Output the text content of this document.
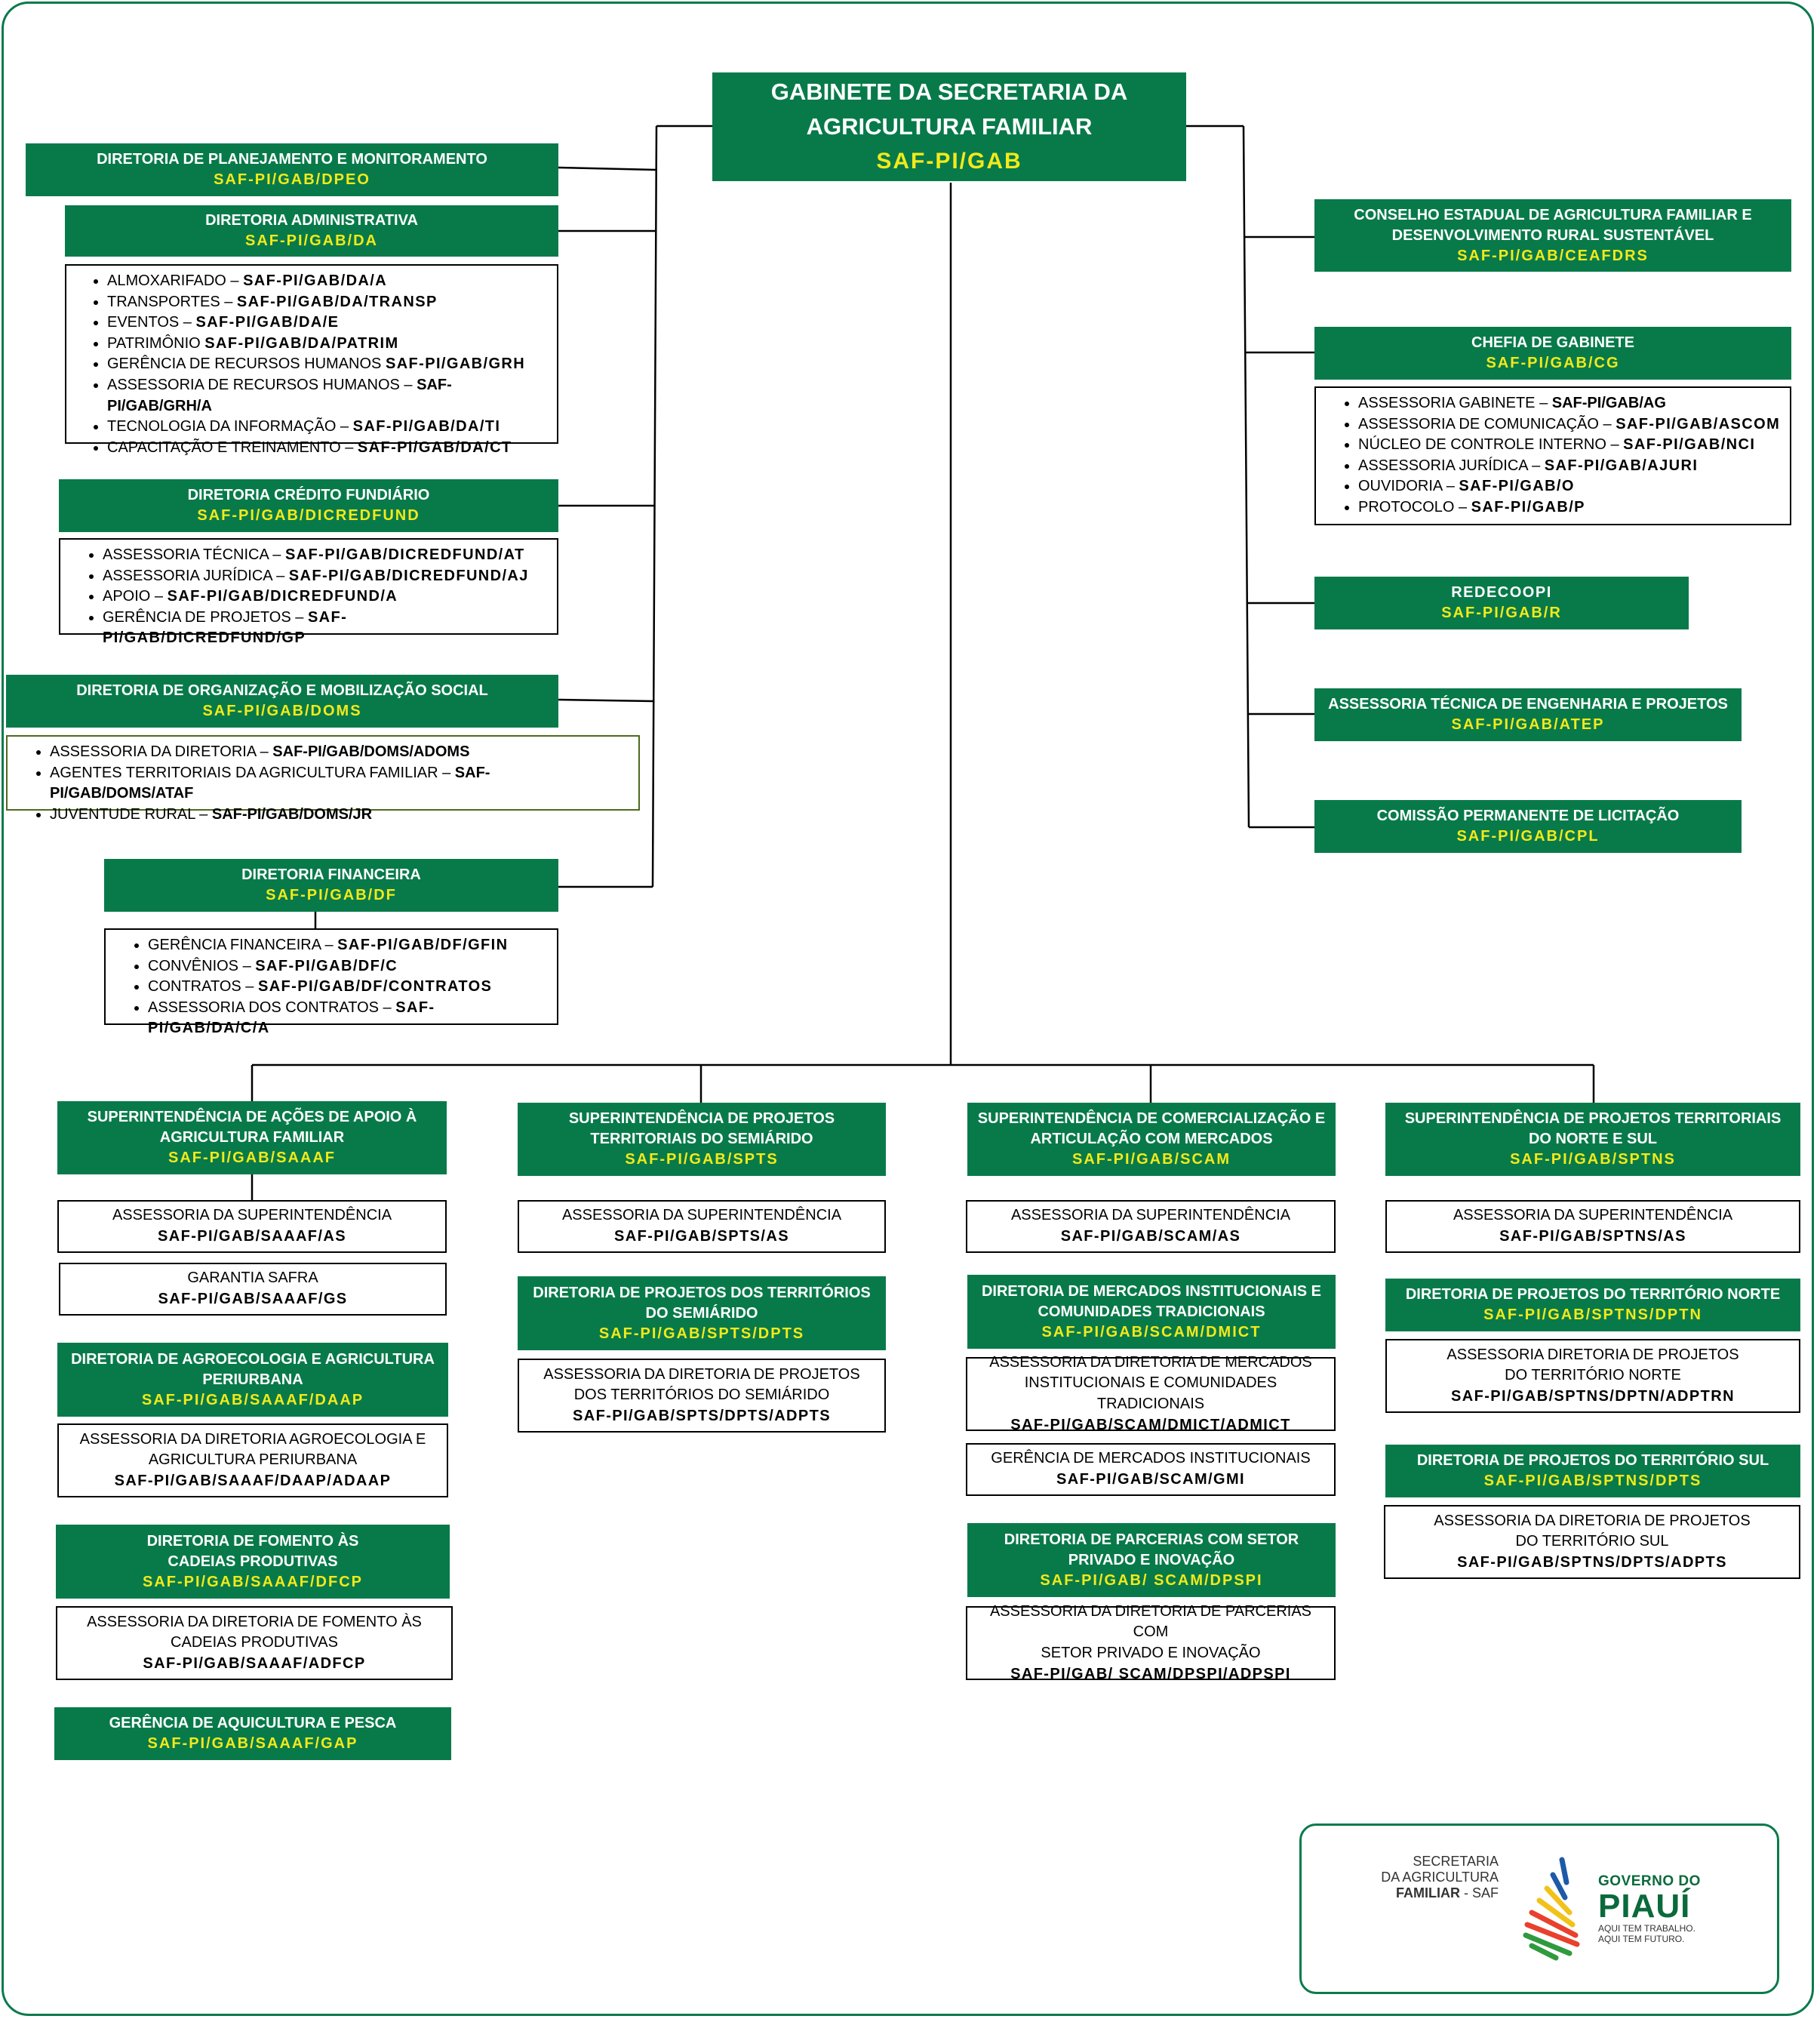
GABINETE DA SECRETARIA DA
AGRICULTURA FAMILIAR
SAF-PI/GAB
DIRETORIA DE PLANEJAMENTO E MONITORAMENTO
SAF-PI/GAB/DPEO
DIRETORIA ADMINISTRATIVA
SAF-PI/GAB/DA
• ALMOXARIFADO – SAF-PI/GAB/DA/A
• TRANSPORTES – SAF-PI/GAB/DA/TRANSP
• EVENTOS – SAF-PI/GAB/DA/E
• PATRIMÔNIO SAF-PI/GAB/DA/PATRIM
• GERÊNCIA DE RECURSOS HUMANOS SAF-PI/GAB/GRH
• ASSESSORIA DE RECURSOS HUMANOS – SAF-PI/GAB/GRH/A
• TECNOLOGIA DA INFORMAÇÃO – SAF-PI/GAB/DA/TI
• CAPACITAÇÃO E TREINAMENTO – SAF-PI/GAB/DA/CT
DIRETORIA CRÉDITO FUNDIÁRIO
SAF-PI/GAB/DICREDFUND
• ASSESSORIA TÉCNICA – SAF-PI/GAB/DICREDFUND/AT
• ASSESSORIA JURÍDICA – SAF-PI/GAB/DICREDFUND/AJ
• APOIO – SAF-PI/GAB/DICREDFUND/A
• GERÊNCIA DE PROJETOS – SAF-PI/GAB/DICREDFUND/GP
DIRETORIA DE ORGANIZAÇÃO E MOBILIZAÇÃO SOCIAL
SAF-PI/GAB/DOMS
• ASSESSORIA DA DIRETORIA – SAF-PI/GAB/DOMS/ADOMS
• AGENTES TERRITORIAIS DA AGRICULTURA FAMILIAR – SAF-PI/GAB/DOMS/ATAF
• JUVENTUDE RURAL – SAF-PI/GAB/DOMS/JR
DIRETORIA FINANCEIRA
SAF-PI/GAB/DF
• GERÊNCIA FINANCEIRA – SAF-PI/GAB/DF/GFIN
• CONVÊNIOS – SAF-PI/GAB/DF/C
• CONTRATOS – SAF-PI/GAB/DF/CONTRATOS
• ASSESSORIA DOS CONTRATOS – SAF-PI/GAB/DA/C/A
CONSELHO ESTADUAL DE AGRICULTURA FAMILIAR E
DESENVOLVIMENTO RURAL SUSTENTÁVEL
SAF-PI/GAB/CEAFDRS
CHEFIA DE GABINETE
SAF-PI/GAB/CG
• ASSESSORIA GABINETE – SAF-PI/GAB/AG
• ASSESSORIA DE COMUNICAÇÃO – SAF-PI/GAB/ASCOM
• NÚCLEO DE CONTROLE INTERNO – SAF-PI/GAB/NCI
• ASSESSORIA JURÍDICA – SAF-PI/GAB/AJURI
• OUVIDORIA – SAF-PI/GAB/O
• PROTOCOLO – SAF-PI/GAB/P
REDECOOPI
SAF-PI/GAB/R
ASSESSORIA TÉCNICA DE ENGENHARIA E PROJETOS
SAF-PI/GAB/ATEP
COMISSÃO PERMANENTE DE LICITAÇÃO
SAF-PI/GAB/CPL
SUPERINTENDÊNCIA DE AÇÕES DE APOIO À
AGRICULTURA FAMILIAR
SAF-PI/GAB/SAAAF
ASSESSORIA DA SUPERINTENDÊNCIA
SAF-PI/GAB/SAAAF/AS
GARANTIA SAFRA
SAF-PI/GAB/SAAAF/GS
DIRETORIA DE AGROECOLOGIA E AGRICULTURA
PERIURBANA
SAF-PI/GAB/SAAAF/DAAP
ASSESSORIA DA DIRETORIA AGROECOLOGIA E
AGRICULTURA PERIURBANA
SAF-PI/GAB/SAAAF/DAAP/ADAAP
DIRETORIA DE FOMENTO ÀS
CADEIAS PRODUTIVAS
SAF-PI/GAB/SAAAF/DFCP
ASSESSORIA DA DIRETORIA DE FOMENTO ÀS
CADEIAS PRODUTIVAS
SAF-PI/GAB/SAAAF/ADFCP
GERÊNCIA DE AQUICULTURA E PESCA
SAF-PI/GAB/SAAAF/GAP
SUPERINTENDÊNCIA DE PROJETOS
TERRITORIAIS DO SEMIÁRIDO
SAF-PI/GAB/SPTS
ASSESSORIA DA SUPERINTENDÊNCIA
SAF-PI/GAB/SPTS/AS
DIRETORIA DE PROJETOS DOS TERRITÓRIOS
DO SEMIÁRIDO
SAF-PI/GAB/SPTS/DPTS
ASSESSORIA DA DIRETORIA DE PROJETOS
DOS TERRITÓRIOS DO SEMIÁRIDO
SAF-PI/GAB/SPTS/DPTS/ADPTS
SUPERINTENDÊNCIA DE COMERCIALIZAÇÃO E
ARTICULAÇÃO COM MERCADOS
SAF-PI/GAB/SCAM
ASSESSORIA DA SUPERINTENDÊNCIA
SAF-PI/GAB/SCAM/AS
DIRETORIA DE MERCADOS INSTITUCIONAIS E
COMUNIDADES TRADICIONAIS
SAF-PI/GAB/SCAM/DMICT
ASSESSORIA DA DIRETORIA DE MERCADOS
INSTITUCIONAIS E COMUNIDADES TRADICIONAIS
SAF-PI/GAB/SCAM/DMICT/ADMICT
GERÊNCIA DE MERCADOS INSTITUCIONAIS
SAF-PI/GAB/SCAM/GMI
DIRETORIA DE PARCERIAS COM SETOR
PRIVADO E INOVAÇÃO
SAF-PI/GAB/ SCAM/DPSPI
ASSESSORIA DA DIRETORIA DE PARCERIAS COM
SETOR PRIVADO E INOVAÇÃO
SAF-PI/GAB/ SCAM/DPSPI/ADPSPI
SUPERINTENDÊNCIA DE PROJETOS TERRITORIAIS
DO NORTE E SUL
SAF-PI/GAB/SPTNS
ASSESSORIA DA SUPERINTENDÊNCIA
SAF-PI/GAB/SPTNS/AS
DIRETORIA DE PROJETOS DO TERRITÓRIO NORTE
SAF-PI/GAB/SPTNS/DPTN
ASSESSORIA DIRETORIA DE PROJETOS
DO TERRITÓRIO NORTE
SAF-PI/GAB/SPTNS/DPTN/ADPTRN
DIRETORIA DE PROJETOS DO TERRITÓRIO SUL
SAF-PI/GAB/SPTNS/DPTS
ASSESSORIA DA DIRETORIA DE PROJETOS
DO TERRITÓRIO SUL
SAF-PI/GAB/SPTNS/DPTS/ADPTS
SECRETARIA
DA AGRICULTURA
FAMILIAR - SAF
GOVERNO DO
PIAUÍ
AQUI TEM TRABALHO.
AQUI TEM FUTURO.
